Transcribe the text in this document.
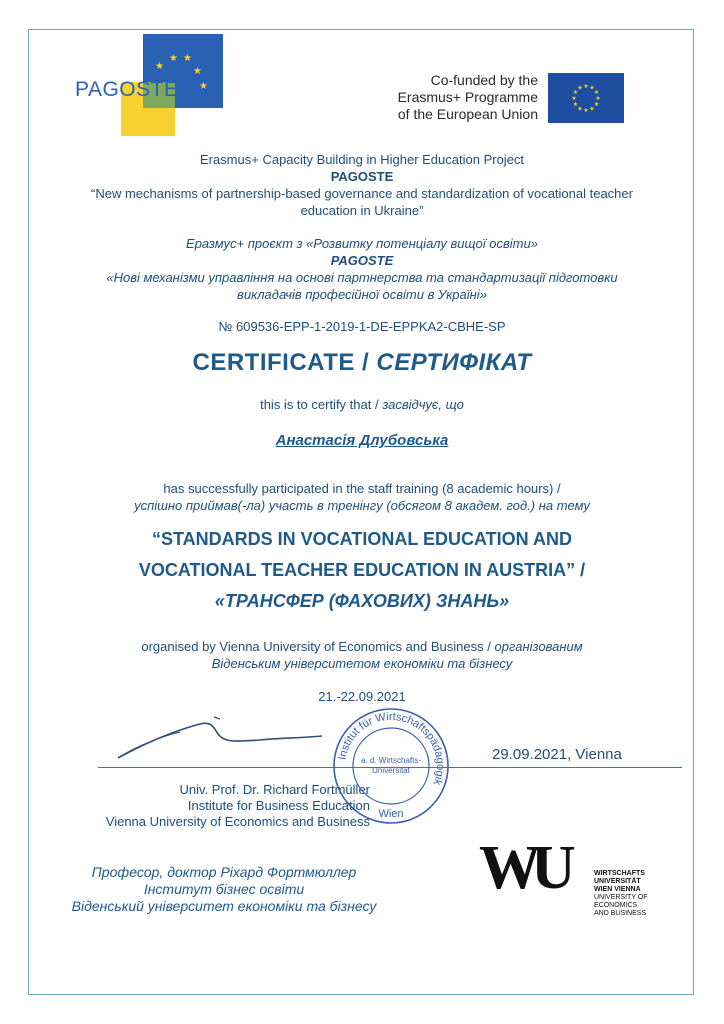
★ ★
★	★
★
PAGOSTE	Co-funded by the
Erasmus+ Programme
of the European Union
★ ★
★
★
★
★
★
★
★
★
★
★
Erasmus+ Capacity Building in Higher Education Project
PAGOSTE
“New mechanisms of partnership-based governance and standardization of vocational teacher
education in Ukraine”
Еразмус+ проєкт з «Розвитку потенціалу вищої освіти»
PAGOSTE
«Нові механізми управління на основі партнерства та стандартизації підготовки
викладачів професійної освіти в Україні»
№ 609536-EPP-1-2019-1-DE-EPPKA2-CBHE-SP
CERTIFICATE / СЕРТИФІКАТ
this is to certify that / засвідчує, що
Анастасія Длубовська
has successfully participated in the staff training (8 academic hours) /
успішно приймав(-ла) участь в тренінгу (обсягом 8 академ. год.) на тему
“STANDARDS IN VOCATIONAL EDUCATION AND
VOCATIONAL TEACHER EDUCATION IN AUSTRIA” /
«ТРАНСФЕР (ФАХОВИХ) ЗНАНЬ»
organised by Vienna University of Economics and Business / організованим
Віденським університетом економіки та бізнесу
21.-22.09.2021
29.09.2021, Vienna
Univ. Prof. Dr. Richard Fortmüller
Institute for Business Education
Vienna University of Economics and Business
Institut für Wirtschaftspädagogik
a. d. Wirtschafts-
Universität
Wien
Професор, доктор Ріхард Фортмюллер
Інститут бізнес освіти
Віденський університет економіки та бізнесу
WU	WIRTSCHAFTS
UNIVERSITÄT
WIEN VIENNA
UNIVERSITY OF
ECONOMICS
AND BUSINESS
